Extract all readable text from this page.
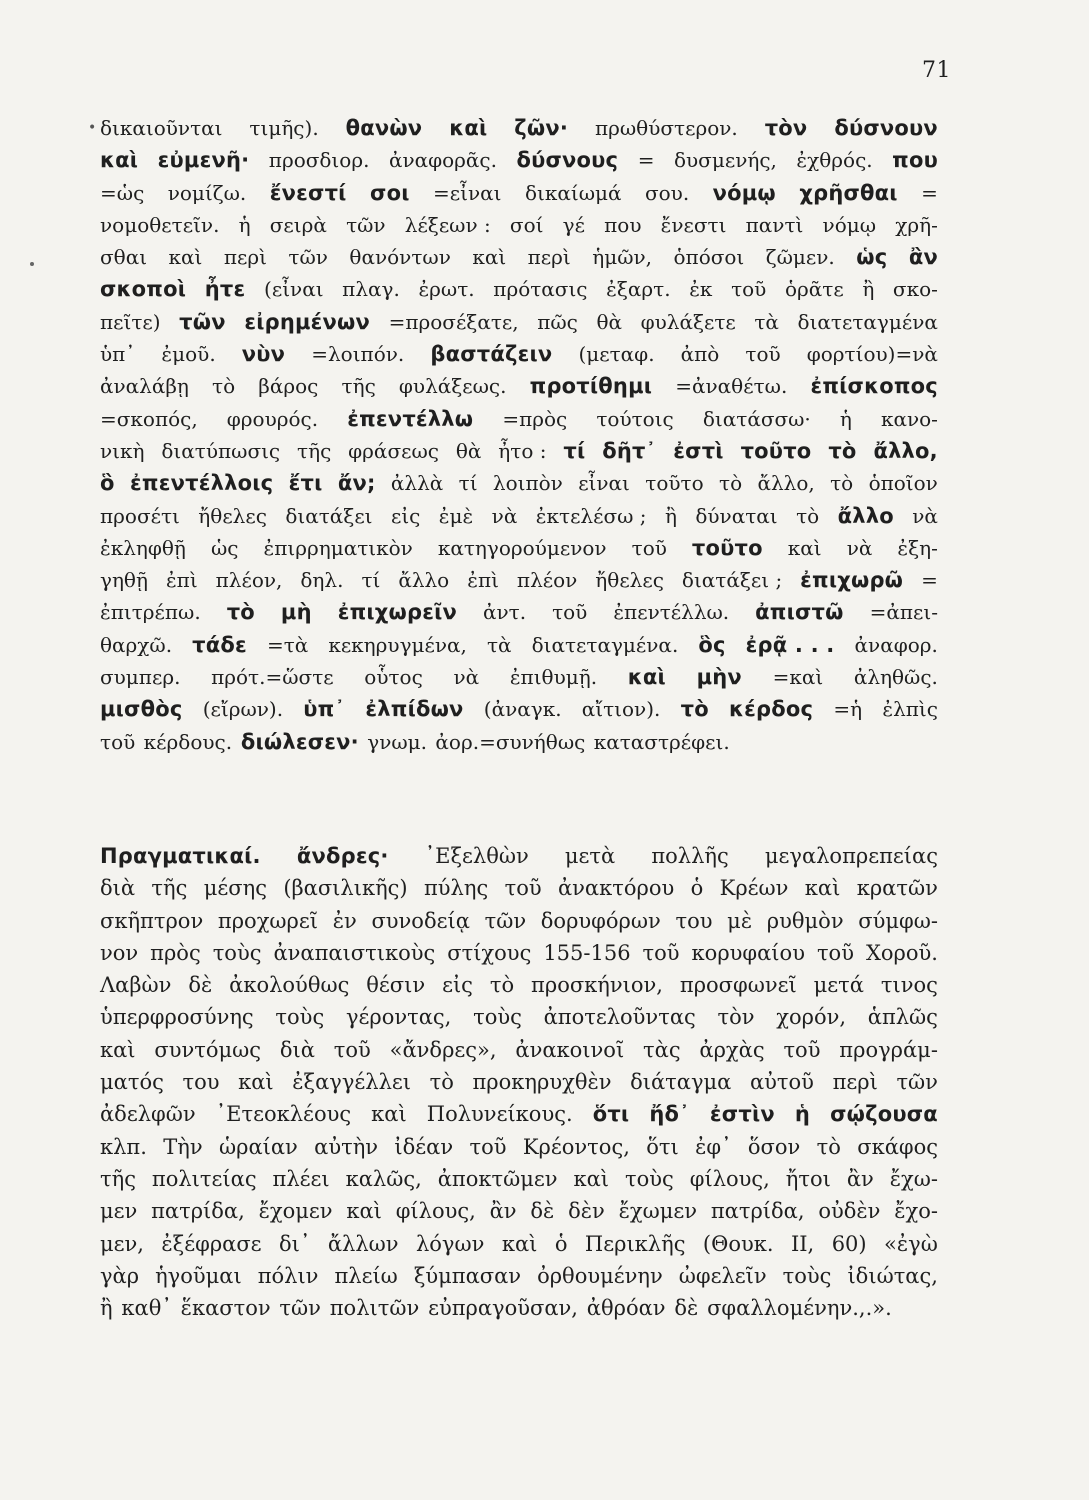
71
• δικαιοῦνται τιμῆς). θανὼν καὶ ζῶν· πρωθύστερον. τὸν δύσνουν
καὶ εὐμενῆ· προσδιορ. ἀναφορᾶς. δύσνους = δυσμενής, ἐχθρός. που
=ὡς νομίζω. ἔνεστί σοι =εἶναι δικαίωμά σου. νόμῳ χρῆσθαι =
νομοθετεῖν. ἡ σειρὰ τῶν λέξεων : σοί γέ που ἔνεστι παντὶ νόμῳ χρῆ-
σθαι καὶ περὶ τῶν θανόντων καὶ περὶ ἡμῶν, ὁπόσοι ζῶμεν. ὡς ἂν
σκοποὶ ἦτε (εἶναι πλαγ. ἐρωτ. πρότασις ἐξαρτ. ἐκ τοῦ ὁρᾶτε ἢ σκο-
πεῖτε) τῶν εἰρημένων =προσέξατε, πῶς θὰ φυλάξετε τὰ διατεταγμένα
ὑπ᾿ ἐμοῦ. νὺν =λοιπόν. βαστάζειν (μεταφ. ἀπὸ τοῦ φορτίου)=νὰ
ἀναλάβῃ τὸ βάρος τῆς φυλάξεως. προτίθημι =ἀναθέτω. ἐπίσκοπος
=σκοπός, φρουρός. ἐπεντέλλω =πρὸς τούτοις διατάσσω· ἡ κανο-
νικὴ διατύπωσις τῆς φράσεως θὰ ἦτο : τί δῆτ᾿ ἐστὶ τοῦτο τὸ ἄλλο,
ὃ ἐπεντέλλοις ἔτι ἄν; ἀλλὰ τί λοιπὸν εἶναι τοῦτο τὸ ἄλλο, τὸ ὁποῖον
προσέτι ἤθελες διατάξει εἰς ἐμὲ νὰ ἐκτελέσω ; ἢ δύναται τὸ ἄλλο νὰ
ἐκληφθῇ ὡς ἐπιρρηματικὸν κατηγορούμενον τοῦ τοῦτο καὶ νὰ ἐξη-
γηθῇ ἐπὶ πλέον, δηλ. τί ἄλλο ἐπὶ πλέον ἤθελες διατάξει ; ἐπιχωρῶ =
ἐπιτρέπω. τὸ μὴ ἐπιχωρεῖν ἀντ. τοῦ ἐπεντέλλω. ἀπιστῶ =ἀπει-
θαρχῶ. τάδε =τὰ κεκηρυγμένα, τὰ διατεταγμένα. ὃς ἐρᾷ . . . ἀναφορ.
συμπερ. πρότ.=ὥστε οὗτος νὰ ἐπιθυμῇ. καὶ μὴν =καὶ ἀληθῶς.
μισθὸς (εἴρων). ὑπ᾿ ἐλπίδων (ἀναγκ. αἴτιον). τὸ κέρδος =ἡ ἐλπὶς
τοῦ κέρδους. διώλεσεν· γνωμ. ἀορ.=συνήθως καταστρέφει.
Πραγματικαί. ἄνδρες· ᾿Εξελθὼν μετὰ πολλῆς μεγαλοπρεπείας
διὰ τῆς μέσης (βασιλικῆς) πύλης τοῦ ἀνακτόρου ὁ Κρέων καὶ κρατῶν
σκῆπτρον προχωρεῖ ἐν συνοδείᾳ τῶν δορυφόρων του μὲ ρυθμὸν σύμφω-
νον πρὸς τοὺς ἀναπαιστικοὺς στίχους 155-156 τοῦ κορυφαίου τοῦ Χοροῦ.
Λαβὼν δὲ ἀκολούθως θέσιν εἰς τὸ προσκήνιον, προσφωνεῖ μετά τινος
ὑπερφροσύνης τοὺς γέροντας, τοὺς ἀποτελοῦντας τὸν χορόν, ἁπλῶς
καὶ συντόμως διὰ τοῦ «ἄνδρες», ἀνακοινοῖ τὰς ἀρχὰς τοῦ προγράμ-
ματός του καὶ ἐξαγγέλλει τὸ προκηρυχθὲν διάταγμα αὐτοῦ περὶ τῶν
ἀδελφῶν ᾿Ετεοκλέους καὶ Πολυνείκους. ὅτι ἤδ᾿ ἐστὶν ἡ σῴζουσα
κλπ. Τὴν ὡραίαν αὐτὴν ἰδέαν τοῦ Κρέοντος, ὅτι ἐφ᾿ ὅσον τὸ σκάφος
τῆς πολιτείας πλέει καλῶς, ἀποκτῶμεν καὶ τοὺς φίλους, ἤτοι ἂν ἔχω-
μεν πατρίδα, ἔχομεν καὶ φίλους, ἂν δὲ δὲν ἔχωμεν πατρίδα, οὐδὲν ἔχο-
μεν, ἐξέφρασε δι᾿ ἄλλων λόγων καὶ ὁ Περικλῆς (Θουκ. ΙΙ, 60) «ἐγὼ
γὰρ ἡγοῦμαι πόλιν πλείω ξύμπασαν ὀρθουμένην ὠφελεῖν τοὺς ἰδιώτας,
ἢ καθ᾿ ἕκαστον τῶν πολιτῶν εὐπραγοῦσαν, ἀθρόαν δὲ σφαλλομένην.,.».
